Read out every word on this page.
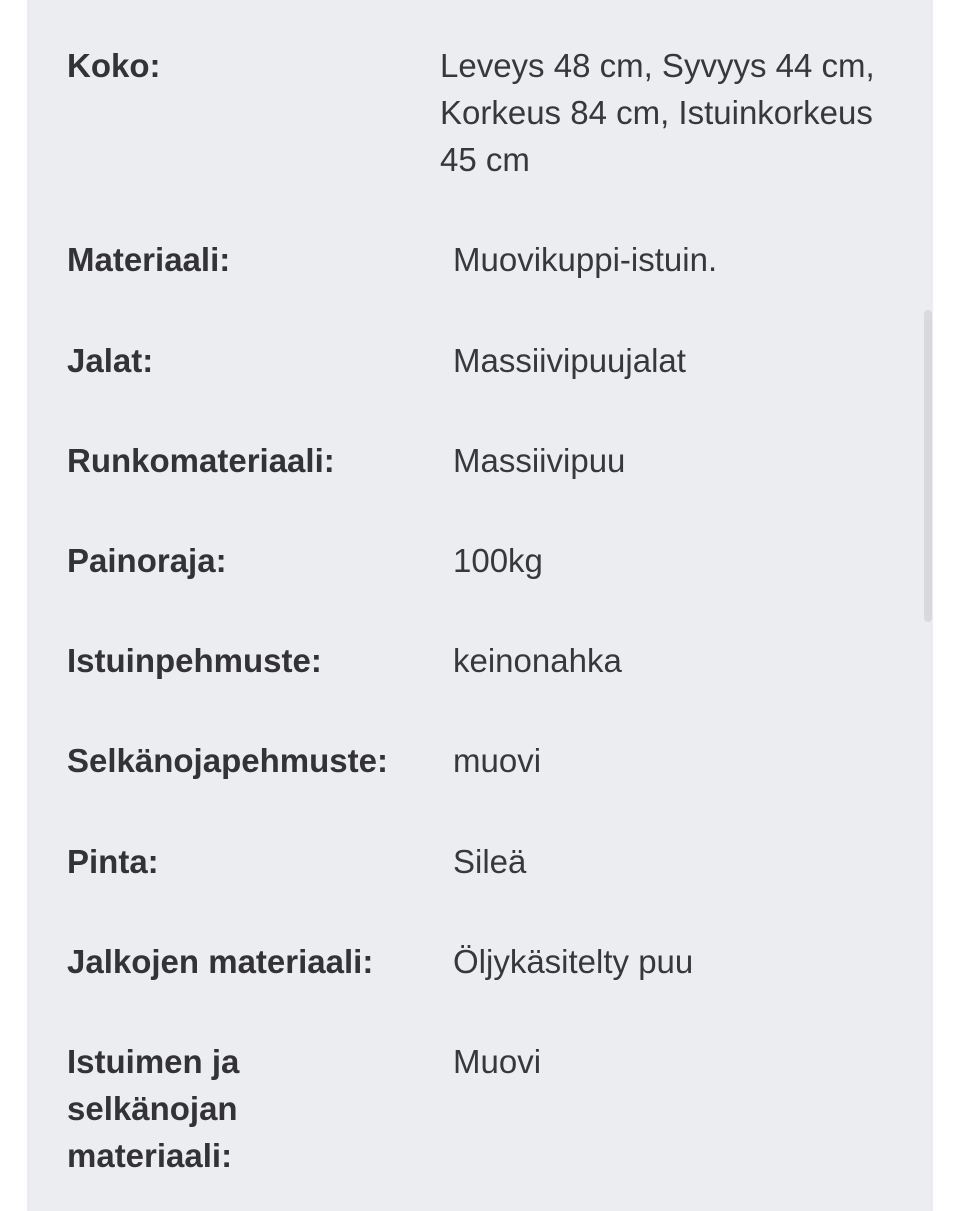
Koko:	Leveys 48 cm, Syvyys 44 cm, Korkeus 84 cm, Istuinkorkeus 45 cm
Materiaali:	Muovikuppi-istuin.
Jalat:	Massiivipuujalat
Runkomateriaali:	Massiivipuu
Painoraja:	100kg
Istuinpehmuste:	keinonahka
Selkänojapehmuste:	muovi
Pinta:	Sileä
Jalkojen materiaali:	Öljykäsitelty puu
Istuimen ja selkänojan materiaali:
Muovi
